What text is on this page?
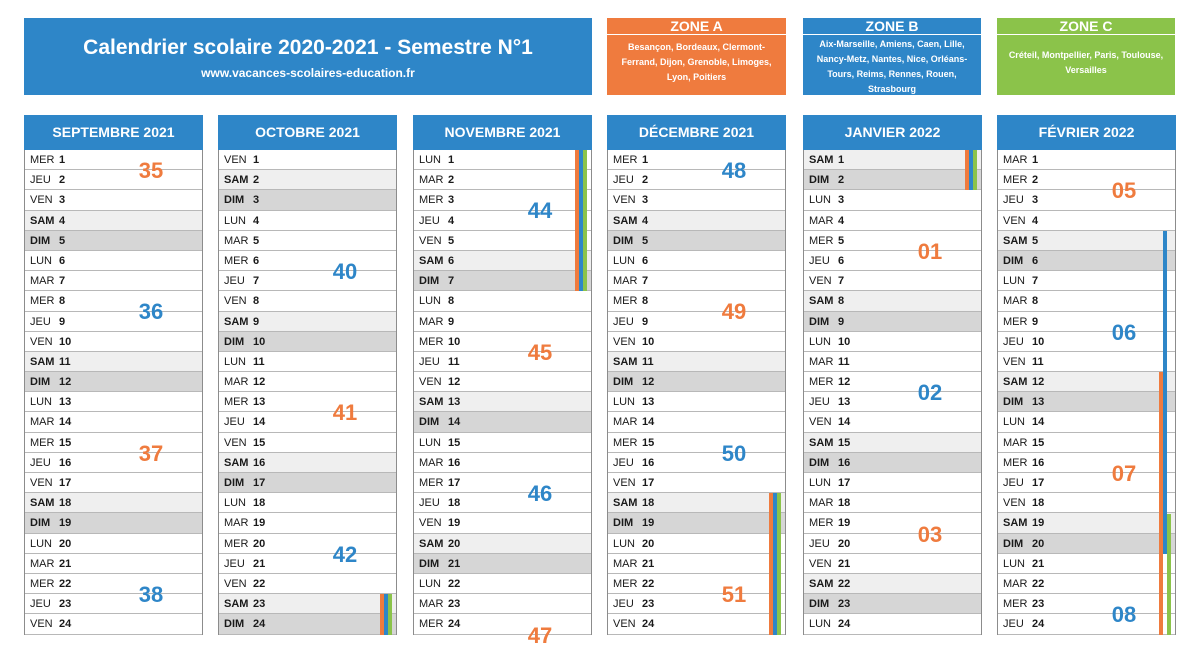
Calendrier scolaire 2020-2021 - Semestre N°1
www.vacances-scolaires-education.fr
ZONE A
Besançon, Bordeaux, Clermont-Ferrand, Dijon, Grenoble, Limoges, Lyon, Poitiers
ZONE B
Aix-Marseille, Amiens, Caen, Lille, Nancy-Metz, Nantes, Nice, Orléans-Tours, Reims, Rennes, Rouen, Strasbourg
ZONE C
Créteil, Montpellier, Paris, Toulouse, Versailles
SEPTEMBRE 2021
MER 1
JEU 2
VEN 3
SAM 4
DIM 5
LUN 6
MAR 7
MER 8
JEU 9
VEN 10
SAM 11
DIM 12
LUN 13
MAR 14
MER 15
JEU 16
VEN 17
SAM 18
DIM 19
LUN 20
MAR 21
MER 22
JEU 23
VEN 24
35
36
37
38
OCTOBRE 2021
VEN 1
SAM 2
DIM 3
LUN 4
MAR 5
MER 6
JEU 7
VEN 8
SAM 9
DIM 10
LUN 11
MAR 12
MER 13
JEU 14
VEN 15
SAM 16
DIM 17
LUN 18
MAR 19
MER 20
JEU 21
VEN 22
SAM 23
DIM 24
40
41
42
NOVEMBRE 2021
LUN 1
MAR 2
MER 3
JEU 4
VEN 5
SAM 6
DIM 7
LUN 8
MAR 9
MER 10
JEU 11
VEN 12
SAM 13
DIM 14
LUN 15
MAR 16
MER 17
JEU 18
VEN 19
SAM 20
DIM 21
LUN 22
MAR 23
MER 24
44
45
46
47
DÉCEMBRE 2021
MER 1
JEU 2
VEN 3
SAM 4
DIM 5
LUN 6
MAR 7
MER 8
JEU 9
VEN 10
SAM 11
DIM 12
LUN 13
MAR 14
MER 15
JEU 16
VEN 17
SAM 18
DIM 19
LUN 20
MAR 21
MER 22
JEU 23
VEN 24
48
49
50
51
JANVIER 2022
SAM 1
DIM 2
LUN 3
MAR 4
MER 5
JEU 6
VEN 7
SAM 8
DIM 9
LUN 10
MAR 11
MER 12
JEU 13
VEN 14
SAM 15
DIM 16
LUN 17
MAR 18
MER 19
JEU 20
VEN 21
SAM 22
DIM 23
LUN 24
01
02
03
FÉVRIER 2022
MAR 1
MER 2
JEU 3
VEN 4
SAM 5
DIM 6
LUN 7
MAR 8
MER 9
JEU 10
VEN 11
SAM 12
DIM 13
LUN 14
MAR 15
MER 16
JEU 17
VEN 18
SAM 19
DIM 20
LUN 21
MAR 22
MER 23
JEU 24
05
06
07
08
